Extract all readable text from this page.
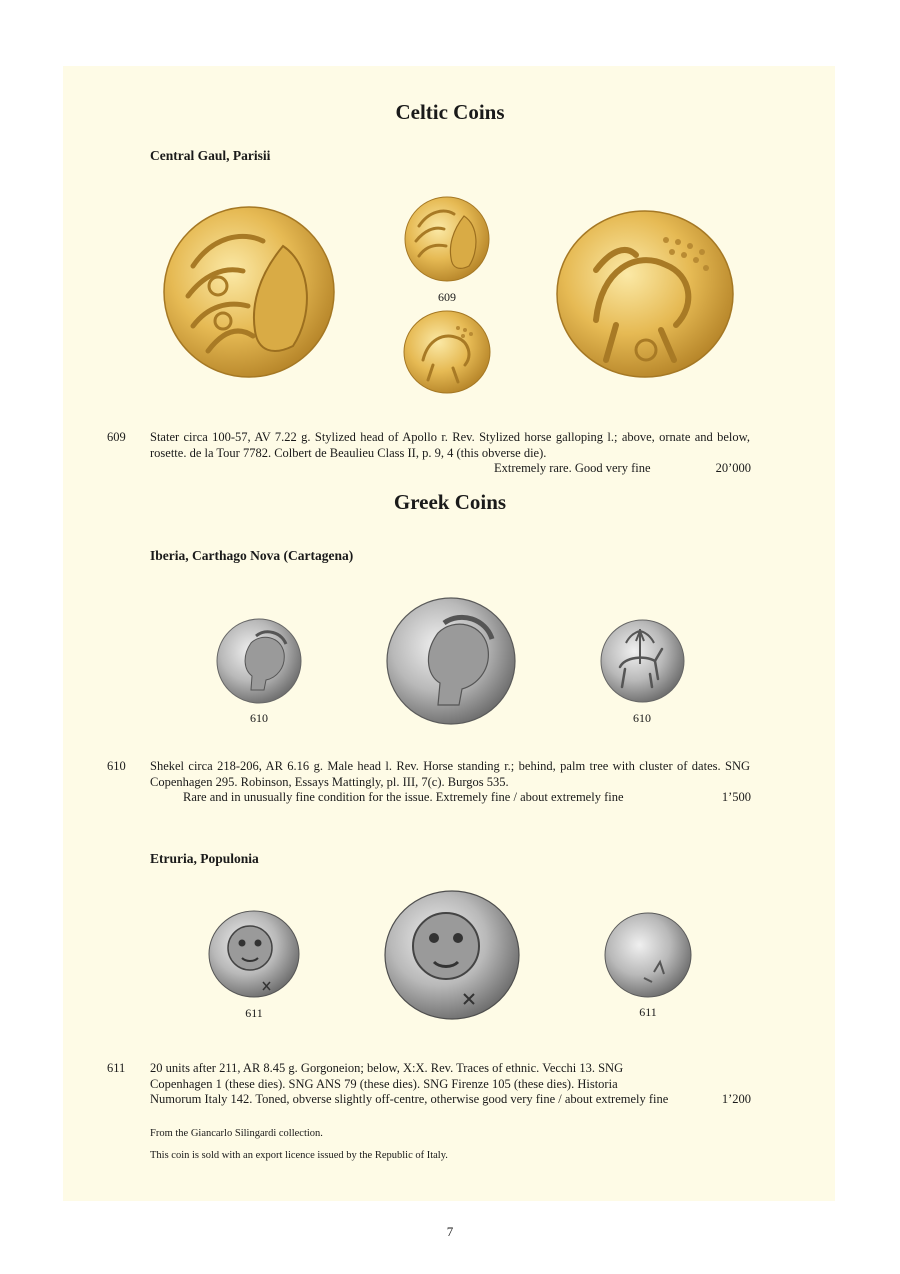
Celtic Coins

Central Gaul, Parisii

609
609 Stater circa 100-57, AV 7.22 g. Stylized head of Apollo r. Rev. Stylized horse galloping l.; above, ornate and below, rosette. de la Tour 7782. Colbert de Beaulieu Class II, p. 9, 4 (this obverse die).
Extremely rare. Good very fine	20’000
Greek Coins

Iberia, Carthago Nova (Cartagena)

610	610
610 Shekel circa 218-206, AR 6.16 g. Male head l. Rev. Horse standing r.; behind, palm tree with cluster of dates. SNG Copenhagen 295. Robinson, Essays Mattingly, pl. III, 7(c). Burgos 535.
Rare and in unusually fine condition for the issue. Extremely fine / about extremely fine	1’500

Etruria, Populonia

611	611
611 20 units after 211, AR 8.45 g. Gorgoneion; below, X:X. Rev. Traces of ethnic. Vecchi 13. SNG Copenhagen 1 (these dies). SNG ANS 79 (these dies). SNG Firenze 105 (these dies). Historia Numorum Italy 142. Toned, obverse slightly off-centre, otherwise good very fine / about extremely fine	1’200
From the Giancarlo Silingardi collection.
This coin is sold with an export licence issued by the Republic of Italy.
7
